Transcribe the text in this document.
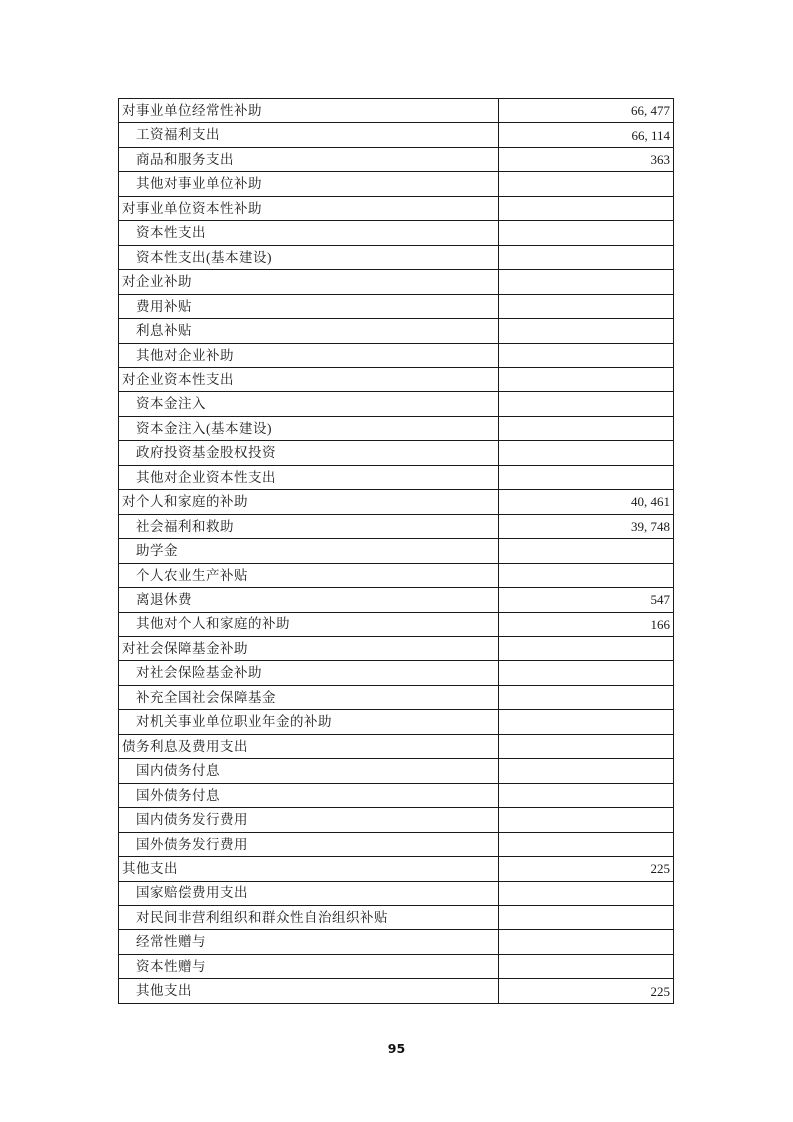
对事业单位经常性补助	66, 477
工资福利支出	66, 114
商品和服务支出	363
其他对事业单位补助
对事业单位资本性补助
资本性支出
资本性支出(基本建设)
对企业补助
费用补贴
利息补贴
其他对企业补助
对企业资本性支出
资本金注入
资本金注入(基本建设)
政府投资基金股权投资
其他对企业资本性支出
对个人和家庭的补助	40, 461
社会福利和救助	39, 748
助学金
个人农业生产补贴
离退休费	547
其他对个人和家庭的补助	166
对社会保障基金补助
对社会保险基金补助
补充全国社会保障基金
对机关事业单位职业年金的补助
债务利息及费用支出
国内债务付息
国外债务付息
国内债务发行费用
国外债务发行费用
其他支出	225
国家赔偿费用支出
对民间非营利组织和群众性自治组织补贴
经常性赠与
资本性赠与
其他支出	225
95
